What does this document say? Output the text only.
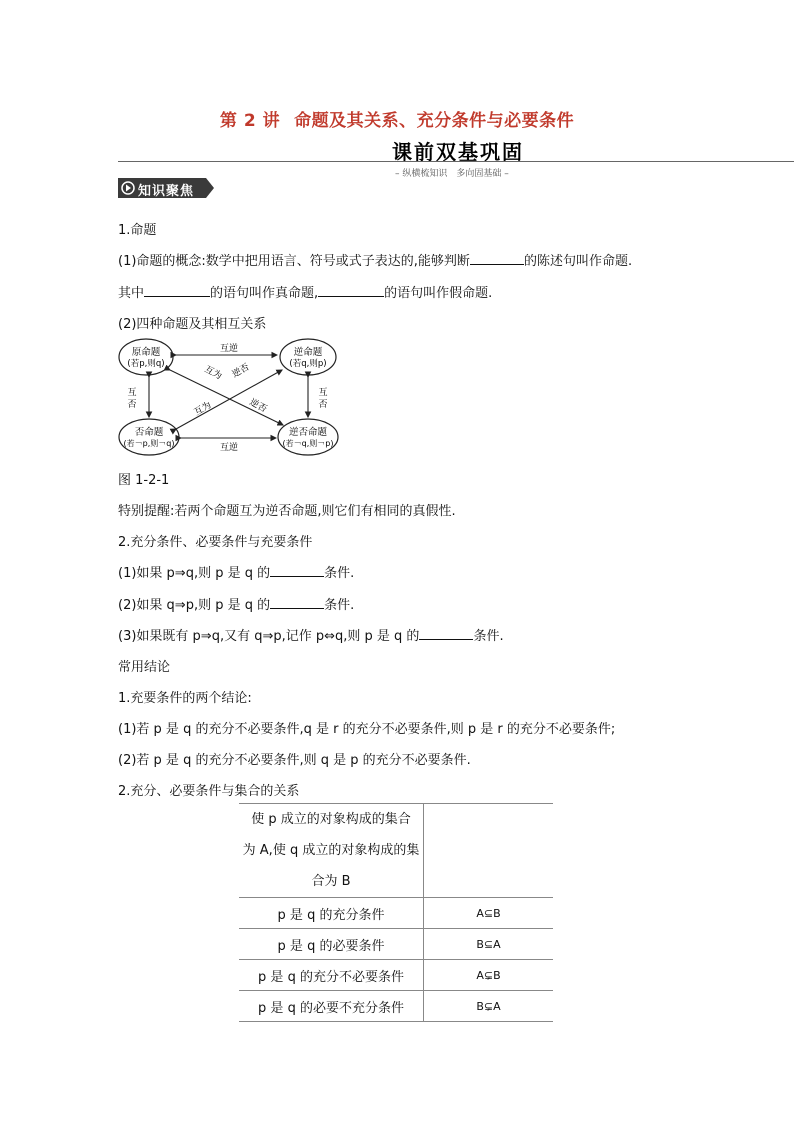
第 2 讲 命题及其关系、充分条件与必要条件
课前双基巩固
– 纵横梳知识　多向固基础 –
知识聚焦
1.命题
(1)命题的概念:数学中把用语言、符号或式子表达的,能够判断	的陈述句叫作命题.
其中	的语句叫作真命题,	的语句叫作假命题.
(2)四种命题及其相互关系
原命题
(若p,则q)
逆命题
(若q,则p)
否命题
(若￢p,则￢q)
逆否命题
(若￢q,则￢p)
互逆
互逆
互
否
互
否
互为 逆否
互为	逆否
图 1-2-1
特别提醒:若两个命题互为逆否命题,则它们有相同的真假性.
2.充分条件、必要条件与充要条件
(1)如果 p⇒q,则 p 是 q 的	条件.
(2)如果 q⇒p,则 p 是 q 的	条件.
(3)如果既有 p⇒q,又有 q⇒p,记作 p⇔q,则 p 是 q 的	条件.
常用结论
1.充要条件的两个结论:
(1)若 p 是 q 的充分不必要条件,q 是 r 的充分不必要条件,则 p 是 r 的充分不必要条件;
(2)若 p 是 q 的充分不必要条件,则 q 是 p 的充分不必要条件.
2.充分、必要条件与集合的关系
使 p 成立的对象构成的集合
为 A,使 q 成立的对象构成的集
合为 B	

p 是 q 的充分条件	A⊆B
p 是 q 的必要条件	B⊆A
p 是 q 的充分不必要条件	A⊊B
p 是 q 的必要不充分条件	B⊊A
